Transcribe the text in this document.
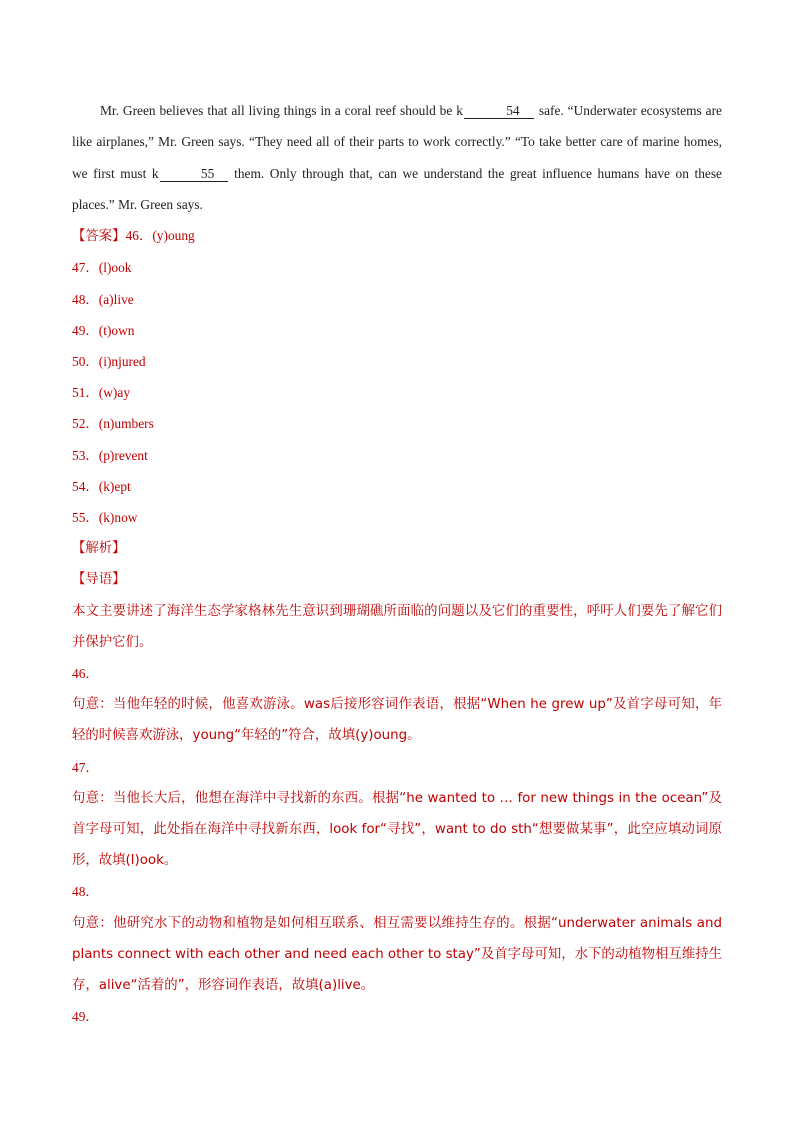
Mr. Green believes that all living things in a coral reef should be k	54 safe. “Underwater ecosystems are like airplanes,” Mr. Green says. “They need all of their parts to work correctly.” “To take better care of marine homes, we first must k	55 them. Only through that, can we understand the great influence humans have on these places.” Mr. Green says.
【答案】46．(y)oung
47．(l)ook
48．(a)live
49．(t)own
50．(i)njured
51．(w)ay
52．(n)umbers
53．(p)revent
54．(k)ept
55．(k)now
【解析】
【导语】
本文主要讲述了海洋生态学家格林先生意识到珊瑚礁所面临的问题以及它们的重要性，呼吁人们要先了解它们并保护它们。
46．
句意：当他年轻的时候，他喜欢游泳。was后接形容词作表语，根据“When he grew up”及首字母可知，年轻的时候喜欢游泳，young“年轻的”符合，故填(y)oung。
47．
句意：当他长大后，他想在海洋中寻找新的东西。根据“he wanted to … for new things in the ocean”及首字母可知，此处指在海洋中寻找新东西，look for“寻找”，want to do sth“想要做某事”，此空应填动词原形，故填(l)ook。
48．
句意：他研究水下的动物和植物是如何相互联系、相互需要以维持生存的。根据“underwater animals and plants connect with each other and need each other to stay”及首字母可知，水下的动植物相互维持生存，alive“活着的”，形容词作表语，故填(a)live。
49．
